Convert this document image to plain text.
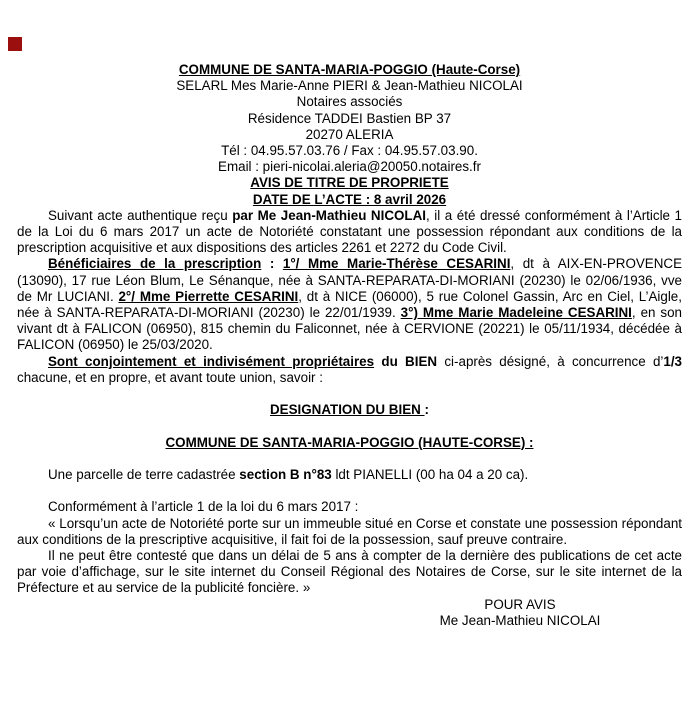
COMMUNE DE SANTA-MARIA-POGGIO (Haute-Corse)
SELARL Mes Marie-Anne PIERI & Jean-Mathieu NICOLAI
Notaires associés
Résidence TADDEI Bastien BP 37
20270 ALERIA
Tél : 04.95.57.03.76 / Fax : 04.95.57.03.90.
Email : pieri-nicolai.aleria@20050.notaires.fr
AVIS DE TITRE DE PROPRIETE
DATE DE L’ACTE : 8 avril 2026
Suivant acte authentique reçu par Me Jean-Mathieu NICOLAI, il a été dressé conformément à l’Article 1 de la Loi du 6 mars 2017 un acte de Notoriété constatant une possession répondant aux conditions de la prescription acquisitive et aux dispositions des articles 2261 et 2272 du Code Civil.
Bénéficiaires de la prescription : 1°/ Mme Marie-Thérèse CESARINI, dt à AIX-EN-PROVENCE (13090), 17 rue Léon Blum, Le Sénanque, née à SANTA-REPARATA-DI-MORIANI (20230) le 02/06/1936, vve de Mr LUCIANI. 2°/ Mme Pierrette CESARINI, dt à NICE (06000), 5 rue Colonel Gassin, Arc en Ciel, L’Aigle, née à SANTA-REPARATA-DI-MORIANI (20230) le 22/01/1939. 3°) Mme Marie Madeleine CESARINI, en son vivant dt à FALICON (06950), 815 chemin du Faliconnet, née à CERVIONE (20221) le 05/11/1934, décédée à FALICON (06950) le 25/03/2020.
Sont conjointement et indivisément propriétaires du BIEN ci-après désigné, à concurrence d’1/3 chacune, et en propre, et avant toute union, savoir :
DESIGNATION DU BIEN :
COMMUNE DE SANTA-MARIA-POGGIO (HAUTE-CORSE) :
Une parcelle de terre cadastrée section B n°83 ldt PIANELLI (00 ha 04 a 20 ca).
Conformément à l’article 1 de la loi du 6 mars 2017 :
« Lorsqu’un acte de Notoriété porte sur un immeuble situé en Corse et constate une possession répondant aux conditions de la prescriptive acquisitive, il fait foi de la possession, sauf preuve contraire.
Il ne peut être contesté que dans un délai de 5 ans à compter de la dernière des publications de cet acte par voie d’affichage, sur le site internet du Conseil Régional des Notaires de Corse, sur le site internet de la Préfecture et au service de la publicité foncière. »
POUR AVIS
Me Jean-Mathieu NICOLAI
